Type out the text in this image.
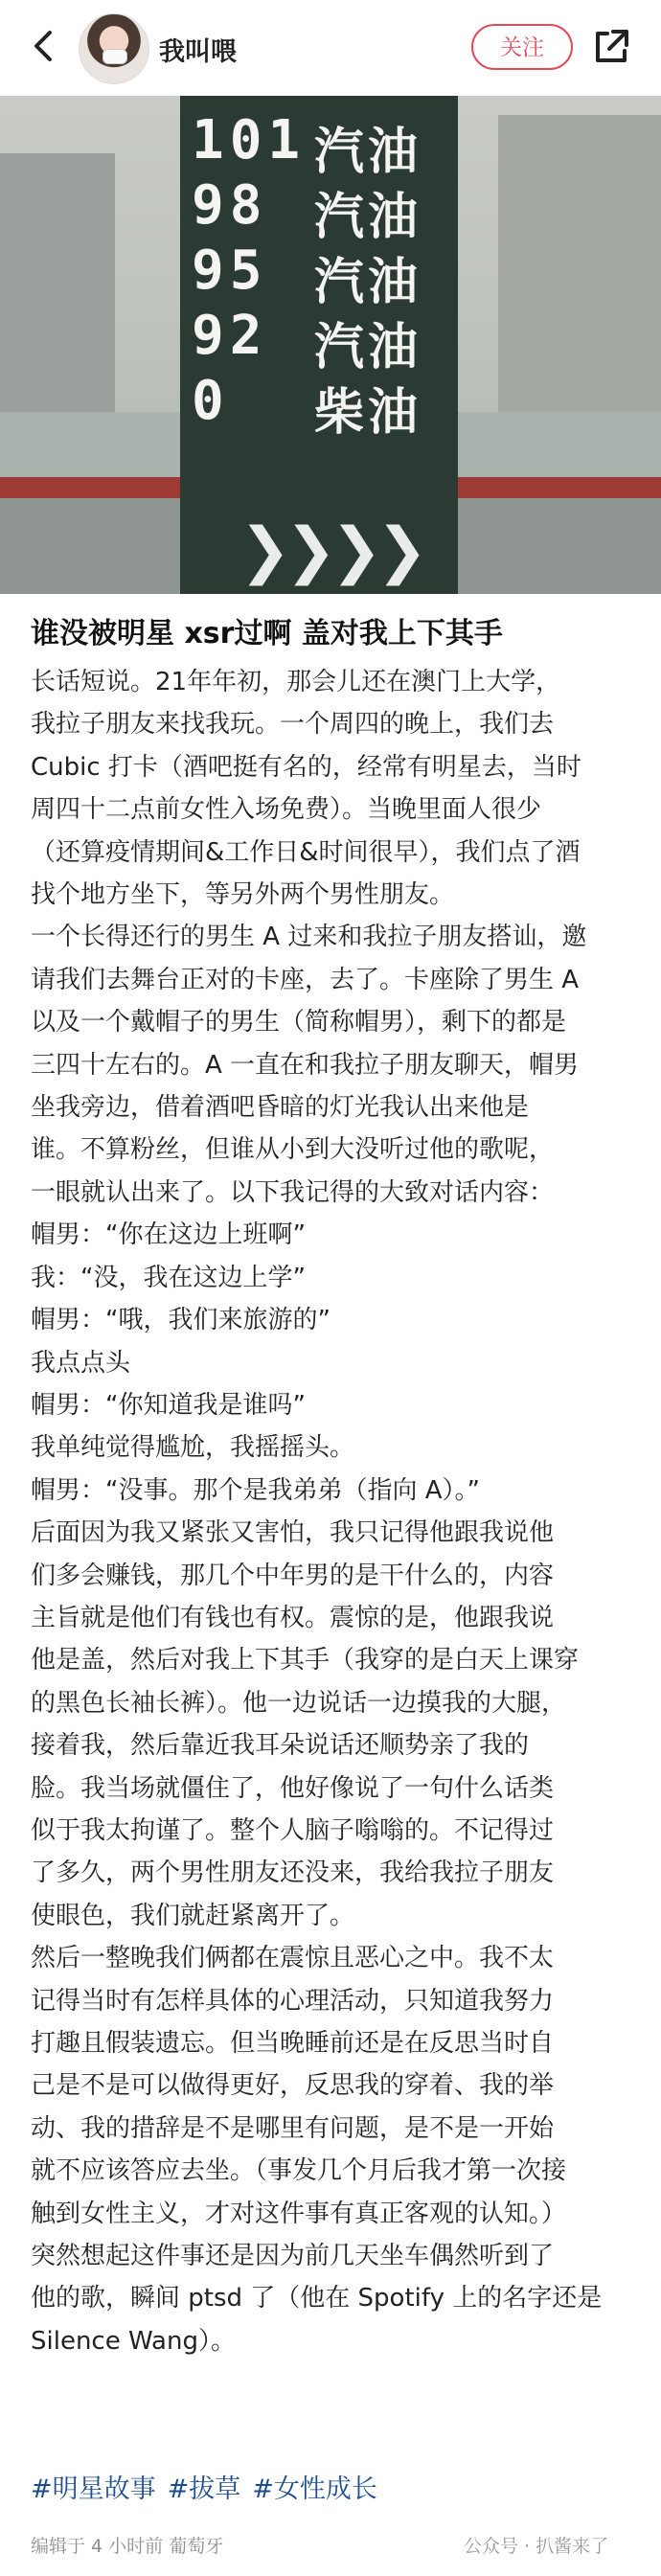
我叫喂	关注
101 汽油
98 汽油
95 汽油
92 汽油
0 柴油
❯❯❯❯
谁没被明星 xsr过啊 盖对我上下其手

长话短说。21年年初，那会儿还在澳门上大学，

我拉子朋友来找我玩。一个周四的晚上，我们去

Cubic 打卡（酒吧挺有名的，经常有明星去，当时

周四十二点前女性入场免费）。当晚里面人很少

（还算疫情期间&工作日&时间很早），我们点了酒

找个地方坐下，等另外两个男性朋友。

一个长得还行的男生 A 过来和我拉子朋友搭讪，邀

请我们去舞台正对的卡座，去了。卡座除了男生 A

以及一个戴帽子的男生（简称帽男），剩下的都是

三四十左右的。A 一直在和我拉子朋友聊天，帽男

坐我旁边，借着酒吧昏暗的灯光我认出来他是

谁。不算粉丝，但谁从小到大没听过他的歌呢，

一眼就认出来了。以下我记得的大致对话内容：

帽男：“你在这边上班啊”

我：“没，我在这边上学”

帽男：“哦，我们来旅游的”

我点点头

帽男：“你知道我是谁吗”

我单纯觉得尴尬，我摇摇头。

帽男：“没事。那个是我弟弟（指向 A）。”

后面因为我又紧张又害怕，我只记得他跟我说他

们多会赚钱，那几个中年男的是干什么的，内容

主旨就是他们有钱也有权。震惊的是，他跟我说

他是盖，然后对我上下其手（我穿的是白天上课穿

的黑色长袖长裤）。他一边说话一边摸我的大腿，

接着我，然后靠近我耳朵说话还顺势亲了我的

脸。我当场就僵住了，他好像说了一句什么话类

似于我太拘谨了。整个人脑子嗡嗡的。不记得过

了多久，两个男性朋友还没来，我给我拉子朋友

使眼色，我们就赶紧离开了。

然后一整晚我们俩都在震惊且恶心之中。我不太

记得当时有怎样具体的心理活动，只知道我努力

打趣且假装遗忘。但当晚睡前还是在反思当时自

己是不是可以做得更好，反思我的穿着、我的举

动、我的措辞是不是哪里有问题，是不是一开始

就不应该答应去坐。（事发几个月后我才第一次接

触到女性主义，才对这件事有真正客观的认知。）

突然想起这件事还是因为前几天坐车偶然听到了

他的歌，瞬间 ptsd 了（他在 Spotify 上的名字还是

Silence Wang）。

#明星故事 #拔草 #女性成长
编辑于 4 小时前 葡萄牙	公众号 · 扒酱来了
